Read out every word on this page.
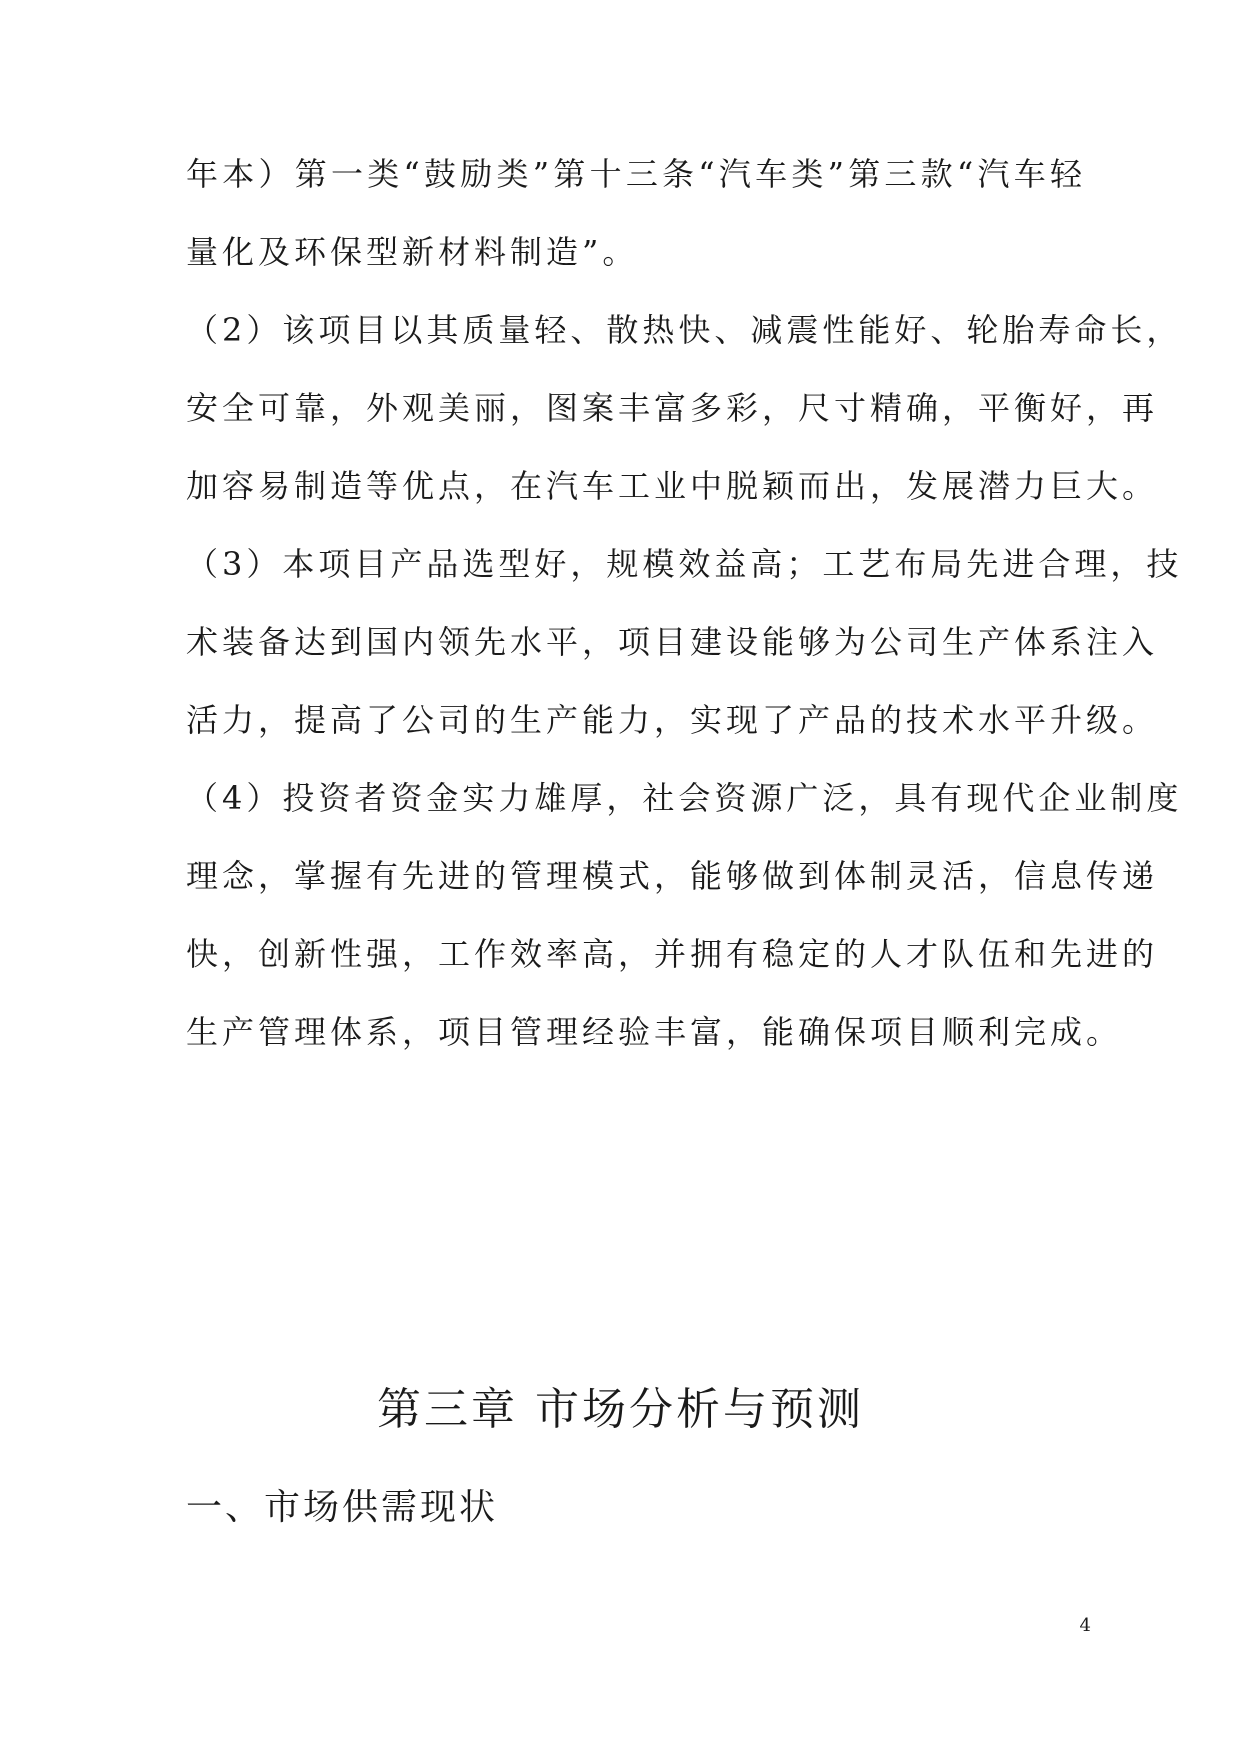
年本）第一类“鼓励类”第十三条“汽车类”第三款“汽车轻
量化及环保型新材料制造”。
（2）该项目以其质量轻、散热快、减震性能好、轮胎寿命长，
安全可靠，外观美丽，图案丰富多彩，尺寸精确，平衡好，再
加容易制造等优点，在汽车工业中脱颖而出，发展潜力巨大。
（3）本项目产品选型好，规模效益高；工艺布局先进合理，技
术装备达到国内领先水平，项目建设能够为公司生产体系注入
活力，提高了公司的生产能力，实现了产品的技术水平升级。
（4）投资者资金实力雄厚，社会资源广泛，具有现代企业制度
理念，掌握有先进的管理模式，能够做到体制灵活，信息传递
快，创新性强，工作效率高，并拥有稳定的人才队伍和先进的
生产管理体系，项目管理经验丰富，能确保项目顺利完成。
第三章 市场分析与预测
一、市场供需现状
4
